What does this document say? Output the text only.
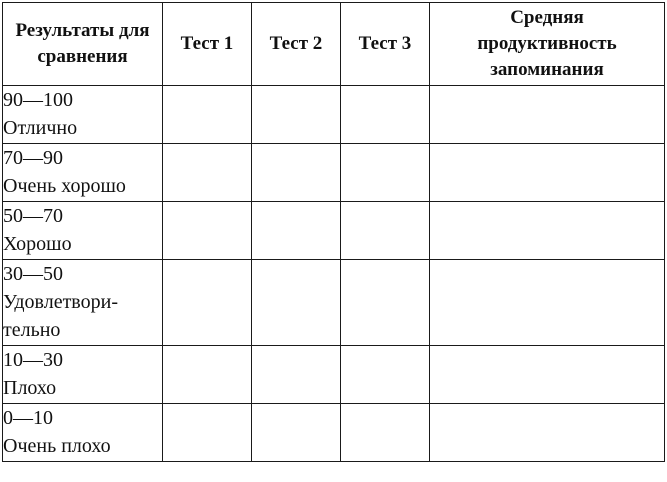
Результаты для
сравнения	Тест 1	Тест 2	Тест 3	Средняя
продуктивность
запоминания

90—100
Отлично				

70—90
Очень хорошо				

50—70
Хорошо				

30—50
Удовлетвори-
тельно				

10—30
Плохо				

0—10
Очень плохо				
